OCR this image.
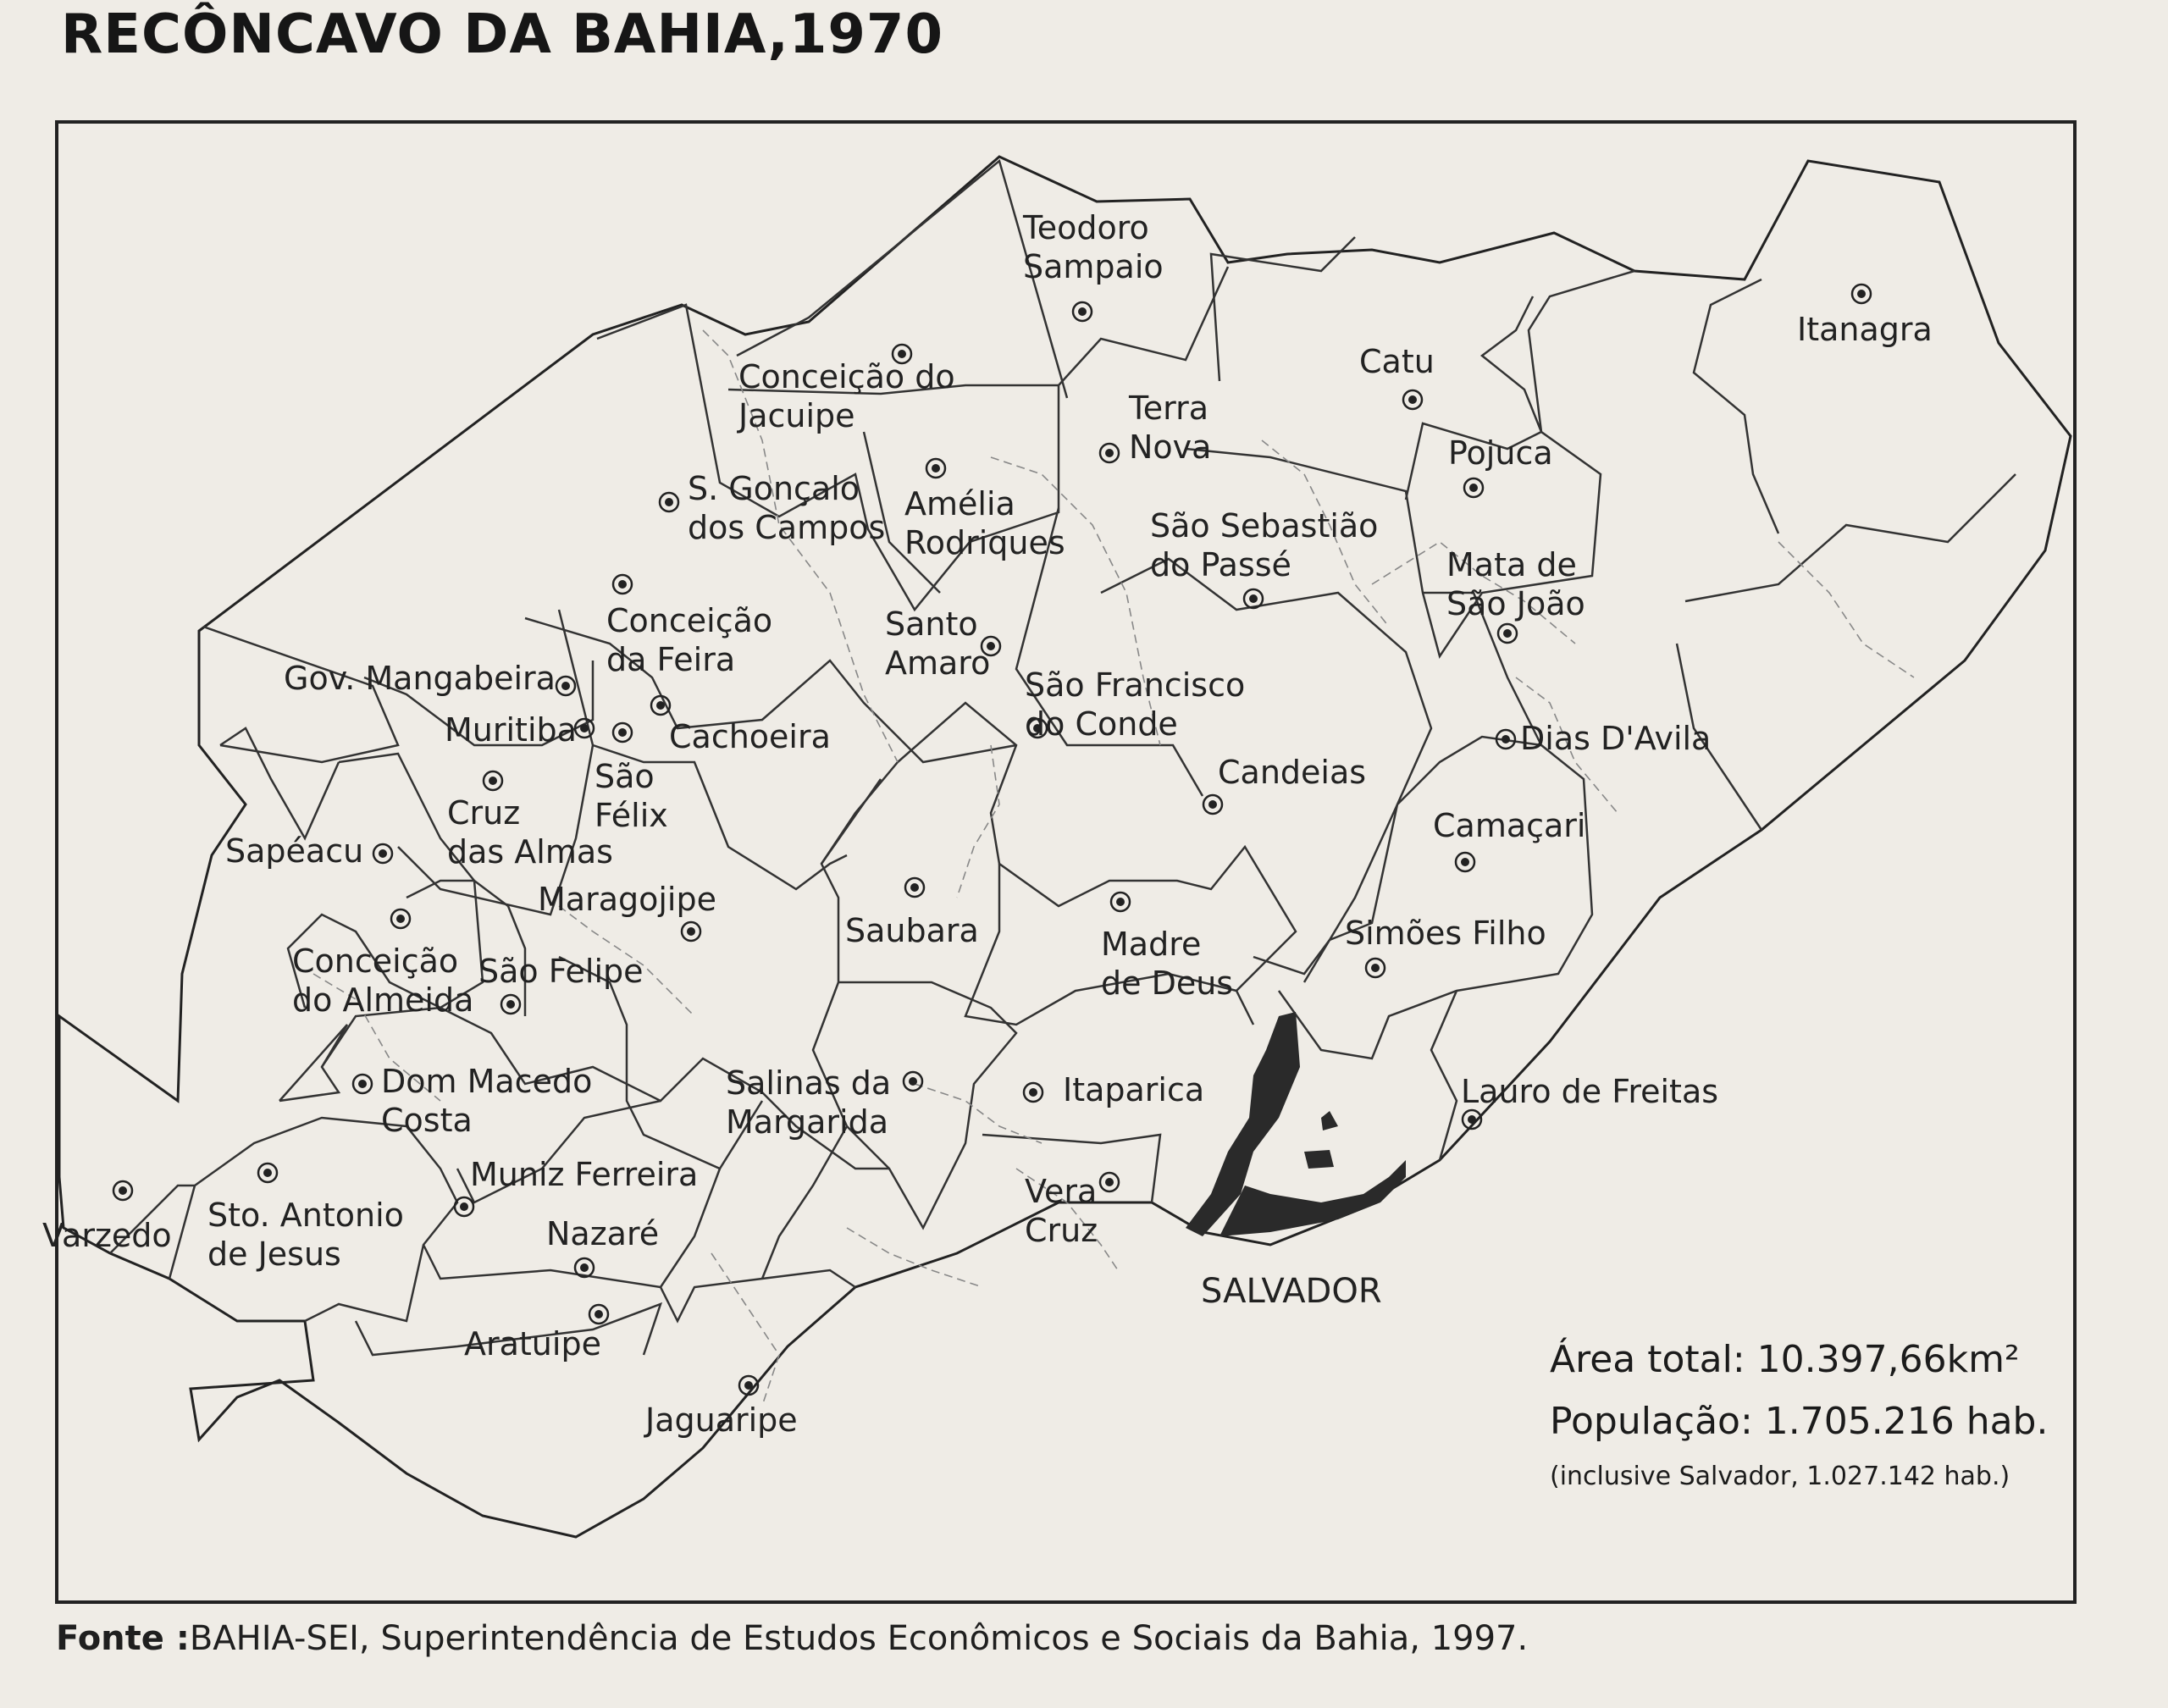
RECÔNCAVO DA BAHIA,1970
Teodoro
Sampaio
Itanagra
Catu
Conceição do
Jacuipe	Terra
Nova	Pojuca
S. Gonçalo
dos Campos
Amélia
Rodriques	São Sebastião
do Passé	Mata de
São João
Conceição
da Feira
Santo
Amaro
Gov. Mangabeira	São Francisco
do Conde
Muritiba	Cachoeira	Dias D'Avila
São
Félix
Cruz
das Almas
Candeias
Camaçari
Sapéacu
Maragojipe
Saubara	Madre
de Deus
Simões Filho
Conceição
do Almeida
São Felipe
Dom Macedo
Costa
Salinas da
Margarida
Itaparica	Lauro de Freitas
Muniz Ferreira	Vera
Cruz
Varzedo
Sto. Antonio
de Jesus
Nazaré
Aratuipe
Jaguaripe
SALVADOR
Área total: 10.397,66km²
População: 1.705.216 hab.
(inclusive Salvador, 1.027.142 hab.)
Fonte :BAHIA-SEI, Superintendência de Estudos Econômicos e Sociais da Bahia, 1997.
